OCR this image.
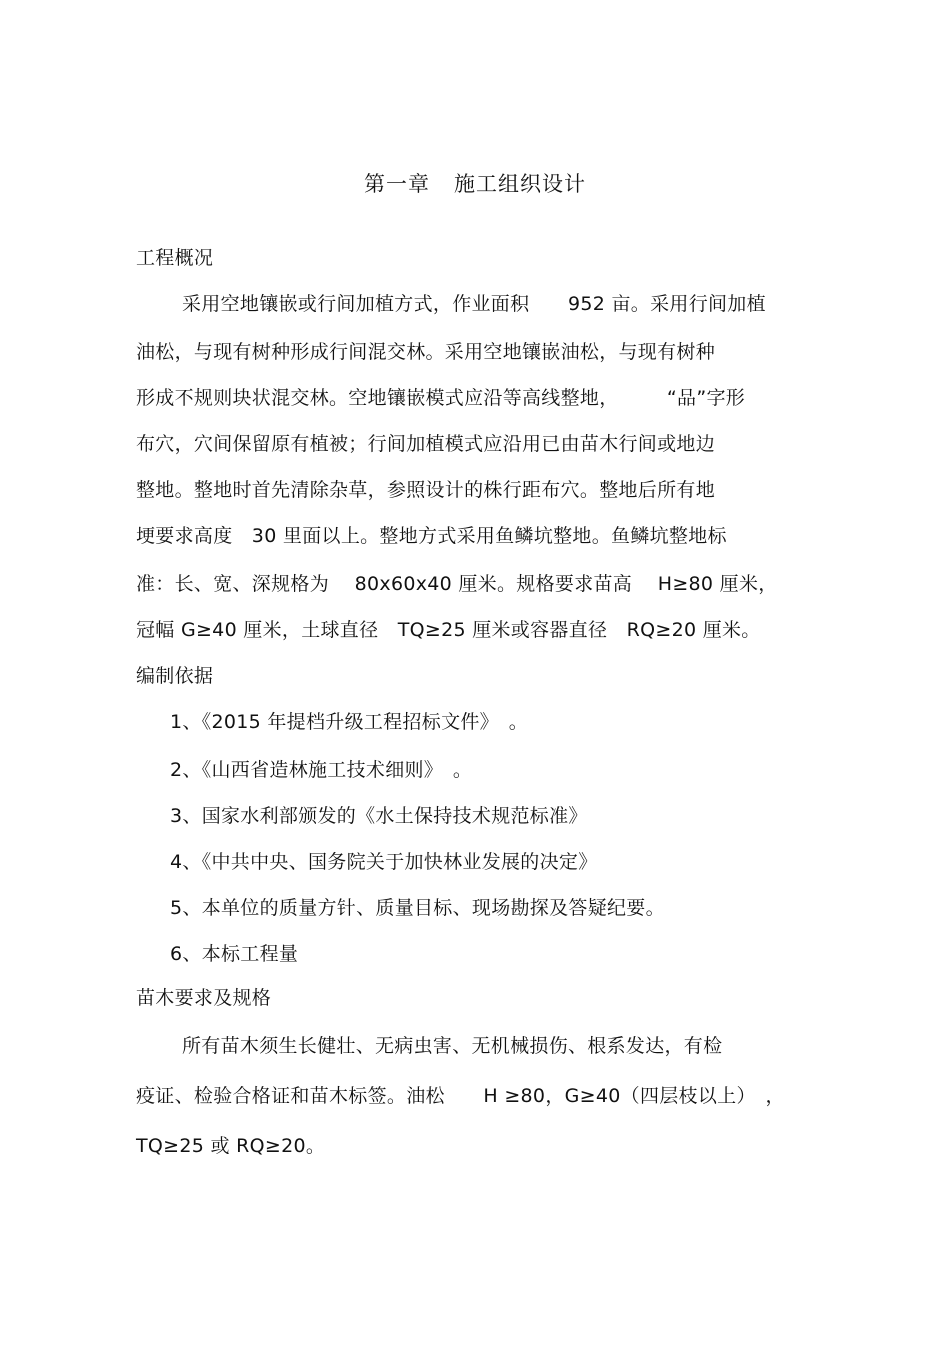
第一章 施工组织设计
工程概况
采用空地镶嵌或行间加植方式，作业面积　　952 亩。采用行间加植
油松，与现有树种形成行间混交林。采用空地镶嵌油松，与现有树种
形成不规则块状混交林。空地镶嵌模式应沿等高线整地，　　　“品”字形
布穴，穴间保留原有植被；行间加植模式应沿用已由苗木行间或地边
整地。整地时首先清除杂草，参照设计的株行距布穴。整地后所有地
埂要求高度　30 里面以上。整地方式采用鱼鳞坑整地。鱼鳞坑整地标
准：长、宽、深规格为　 80x60x40 厘米。规格要求苗高　 H≥80 厘米，
冠幅 G≥40 厘米，土球直径　TQ≥25 厘米或容器直径　RQ≥20 厘米。
编制依据
1、《2015 年提档升级工程招标文件》　。
2、《山西省造林施工技术细则》　。
3、国家水利部颁发的《水土保持技术规范标准》
4、《中共中央、国务院关于加快林业发展的决定》
5、本单位的质量方针、质量目标、现场勘探及答疑纪要。
6、本标工程量
苗木要求及规格
所有苗木须生长健壮、无病虫害、无机械损伤、根系发达，有检
疫证、检验合格证和苗木标签。油松　　H ≥80，G≥40（四层枝以上）　，
TQ≥25 或 RQ≥20。
